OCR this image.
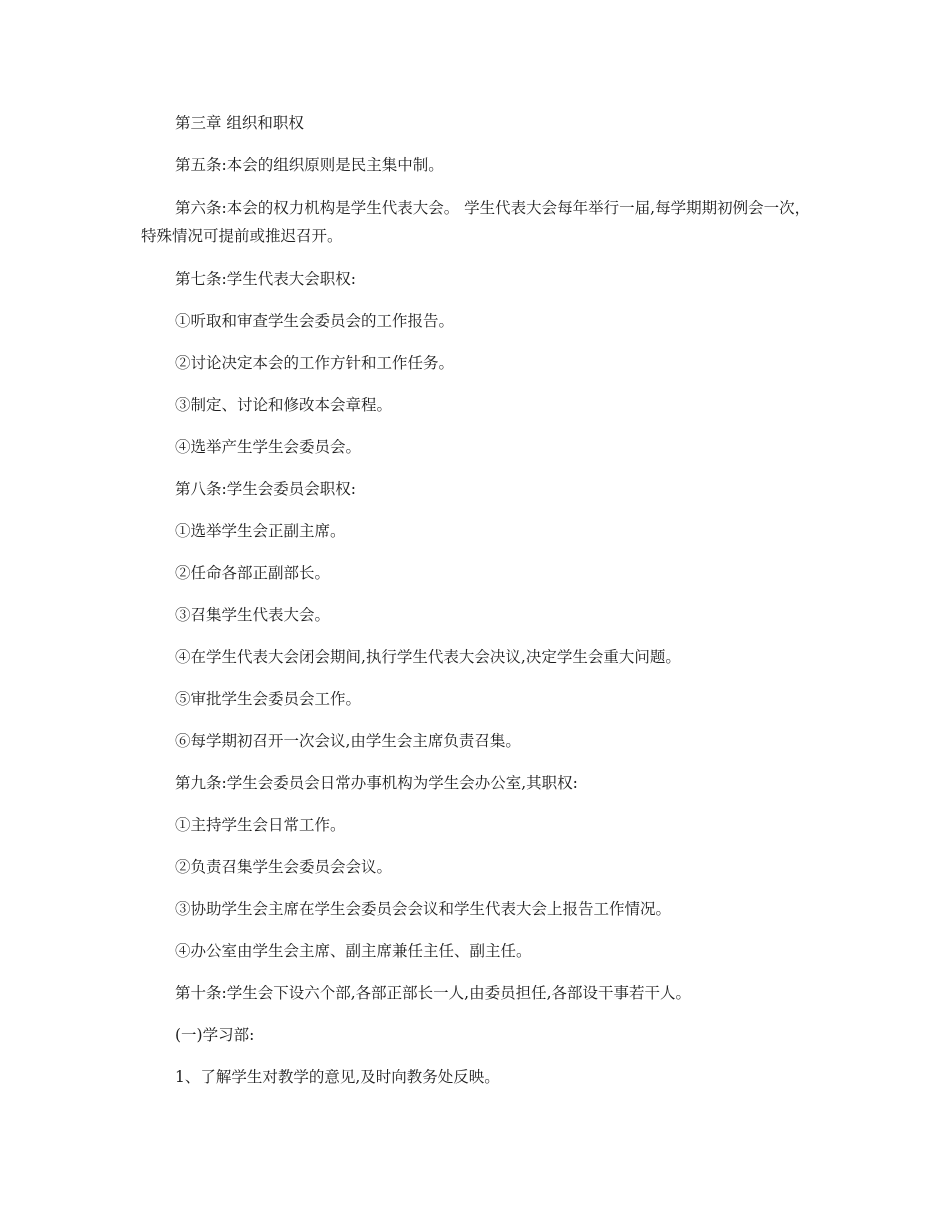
第三章 组织和职权

第五条:本会的组织原则是民主集中制。

第六条:本会的权力机构是学生代表大会。 学生代表大会每年举行一届,每学期期初例会一次，特殊情况可提前或推迟召开。

第七条:学生代表大会职权:

①听取和审查学生会委员会的工作报告。

②讨论决定本会的工作方针和工作任务。

③制定、讨论和修改本会章程。

④选举产生学生会委员会。

第八条:学生会委员会职权:

①选举学生会正副主席。

②任命各部正副部长。

③召集学生代表大会。

④在学生代表大会闭会期间,执行学生代表大会决议,决定学生会重大问题。

⑤审批学生会委员会工作。

⑥每学期初召开一次会议,由学生会主席负责召集。

第九条:学生会委员会日常办事机构为学生会办公室,其职权:

①主持学生会日常工作。

②负责召集学生会委员会会议。

③协助学生会主席在学生会委员会会议和学生代表大会上报告工作情况。

④办公室由学生会主席、副主席兼任主任、副主任。

第十条:学生会下设六个部,各部正部长一人,由委员担任,各部设干事若干人。

(一)学习部:

1、了解学生对教学的意见,及时向教务处反映。
